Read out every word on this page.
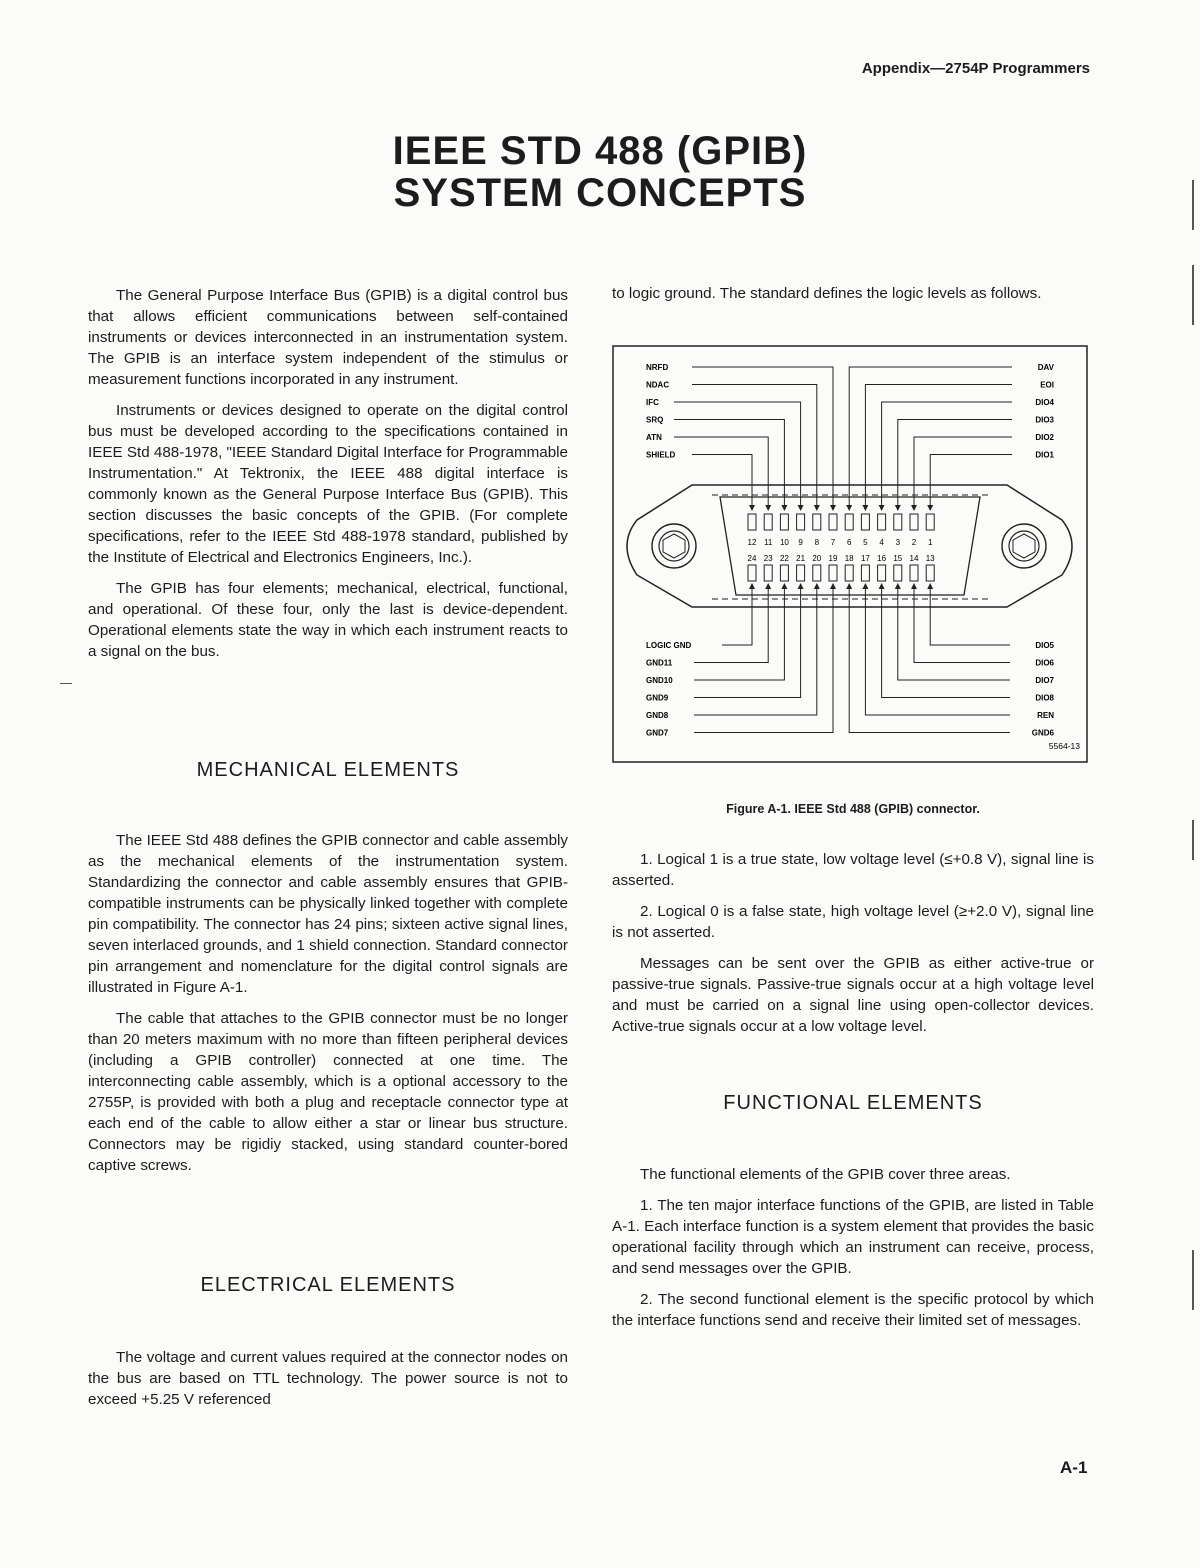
Appendix—2754P Programmers
IEEE STD 488 (GPIB)
SYSTEM CONCEPTS

The General Purpose Interface Bus (GPIB) is a digital control bus that allows efficient communications between self-contained instruments or devices interconnected in an instrumentation system. The GPIB is an interface system independent of the stimulus or measurement functions incorporated in any instrument.

Instruments or devices designed to operate on the digital control bus must be developed according to the specifications contained in IEEE Std 488-1978, "IEEE Standard Digital Interface for Programmable Instrumentation." At Tektronix, the IEEE 488 digital interface is commonly known as the General Purpose Interface Bus (GPIB). This section discusses the basic concepts of the GPIB. (For complete specifications, refer to the IEEE Std 488-1978 standard, published by the Institute of Electrical and Electronics Engineers, Inc.).

The GPIB has four elements; mechanical, electrical, functional, and operational. Of these four, only the last is device-dependent. Operational elements state the way in which each instrument reacts to a signal on the bus.

MECHANICAL ELEMENTS

The IEEE Std 488 defines the GPIB connector and cable assembly as the mechanical elements of the instrumentation system. Standardizing the connector and cable assembly ensures that GPIB-compatible instruments can be physically linked together with complete pin compatibility. The connector has 24 pins; sixteen active signal lines, seven interlaced grounds, and 1 shield connection. Standard connector pin arrangement and nomenclature for the digital control signals are illustrated in Figure A-1.

The cable that attaches to the GPIB connector must be no longer than 20 meters maximum with no more than fifteen peripheral devices (including a GPIB controller) connected at one time. The interconnecting cable assembly, which is a optional accessory to the 2755P, is provided with both a plug and receptacle connector type at each end of the cable to allow either a star or linear bus structure. Connectors may be rigidiy stacked, using standard counter-bored captive screws.

ELECTRICAL ELEMENTS

The voltage and current values required at the connector nodes on the bus are based on TTL technology. The power source is not to exceed +5.25 V referenced

to logic ground. The standard defines the logic levels as follows.

12 11 10 9 8 7 6 5 4 3 2 1
24 23 22 21 20 19 18 17 16 15 14 13
NRFD
NDAC
IFC
SRQ
ATN
SHIELD
DAV
EOI
DIO4
DIO3
DIO2
DIO1
LOGIC GND
GND11
GND10
GND9
GND8
GND7
DIO5
DIO6
DIO7
DIO8
REN
GND6
5564-13
Figure A-1. IEEE Std 488 (GPIB) connector.

1. Logical 1 is a true state, low voltage level (≤+0.8 V), signal line is asserted.

2. Logical 0 is a false state, high voltage level (≥+2.0 V), signal line is not asserted.

Messages can be sent over the GPIB as either active-true or passive-true signals. Passive-true signals occur at a high voltage level and must be carried on a signal line using open-collector devices. Active-true signals occur at a low voltage level.

FUNCTIONAL ELEMENTS

The functional elements of the GPIB cover three areas.

1. The ten major interface functions of the GPIB, are listed in Table A-1. Each interface function is a system element that provides the basic operational facility through which an instrument can receive, process, and send messages over the GPIB.

2. The second functional element is the specific protocol by which the interface functions send and receive their limited set of messages.

A-1
